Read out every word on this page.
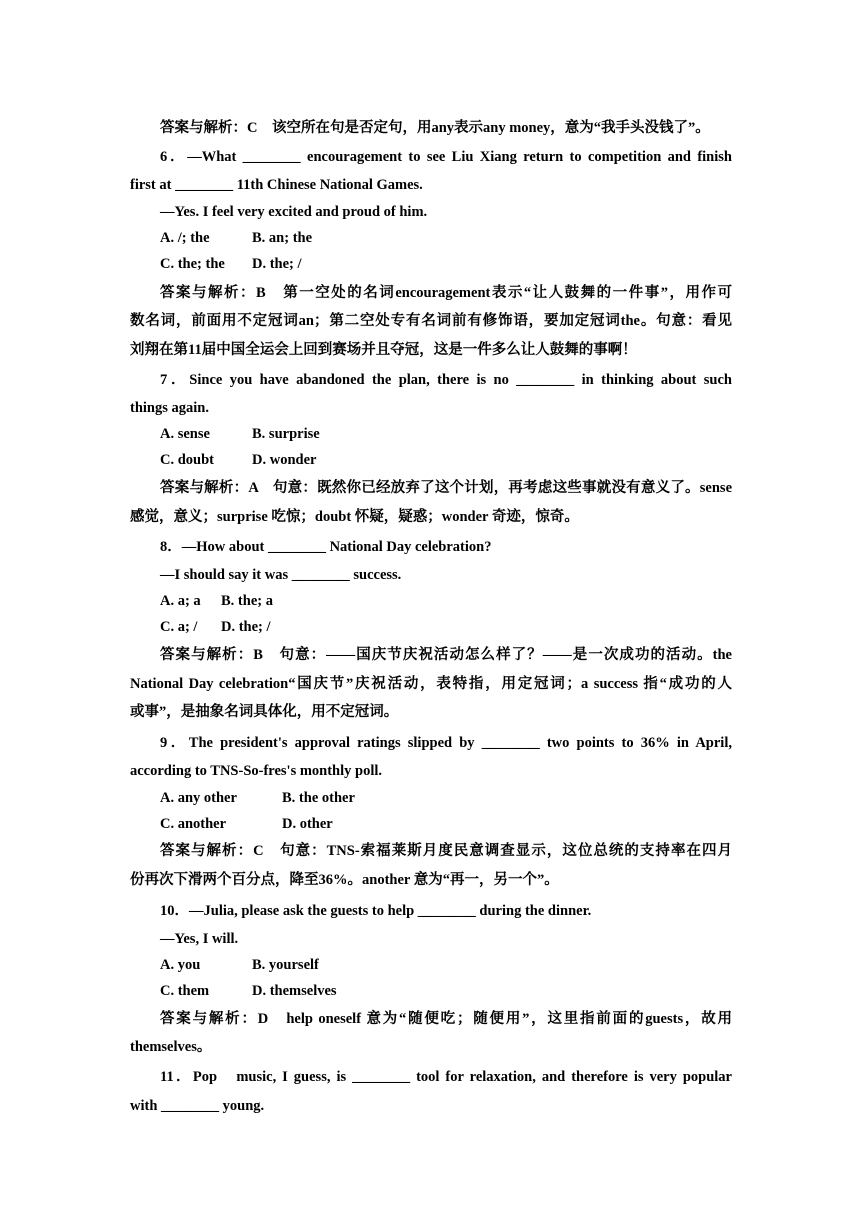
答案与解析：C　该空所在句是否定句，用any表示any money，意为“我手头没钱了”。
6．—What ________ encouragement to see Liu Xiang return to competition and finish
first at ________ 11th Chinese National Games.
—Yes. I feel very excited and proud of him.
A. /; the	B. an; the
C. the; the D. the; /
答案与解析：B　第一空处的名词encouragement表示“让人鼓舞的一件事”，用作可
数名词，前面用不定冠词an；第二空处专有名词前有修饰语，要加定冠词the。句意：看见
刘翔在第11届中国全运会上回到赛场并且夺冠，这是一件多么让人鼓舞的事啊！
7．Since you have abandoned the plan, there is no ________ in thinking about such
things again.
A. sense	B. surprise
C. doubt	D. wonder
答案与解析：A　句意：既然你已经放弃了这个计划，再考虑这些事就没有意义了。sense
感觉，意义；surprise 吃惊；doubt 怀疑，疑惑；wonder 奇迹，惊奇。
8．—How about ________ National Day celebration?
—I should say it was ________ success.
A. a; a B. the; a
C. a; / D. the; /
答案与解析：B　句意：——国庆节庆祝活动怎么样了？——是一次成功的活动。the
National Day celebration“国庆节”庆祝活动，表特指，用定冠词；a success 指“成功的人
或事”，是抽象名词具体化，用不定冠词。
9．The president's approval ratings slipped by ________ two points to 36% in April,
according to TNS-So-fres's monthly poll.
A. any other	B. the other
C. another	D. other
答案与解析：C　句意：TNS-索福莱斯月度民意调查显示，这位总统的支持率在四月
份再次下滑两个百分点，降至36%。another 意为“再一，另一个”。
10．—Julia, please ask the guests to help ________ during the dinner.
—Yes, I will.
A. you	B. yourself
C. them	D. themselves
答案与解析：D　help oneself 意为“随便吃；随便用”，这里指前面的guests，故用
themselves。
11．Pop　music, I guess, is ________ tool for relaxation, and therefore is very popular
with ________ young.
